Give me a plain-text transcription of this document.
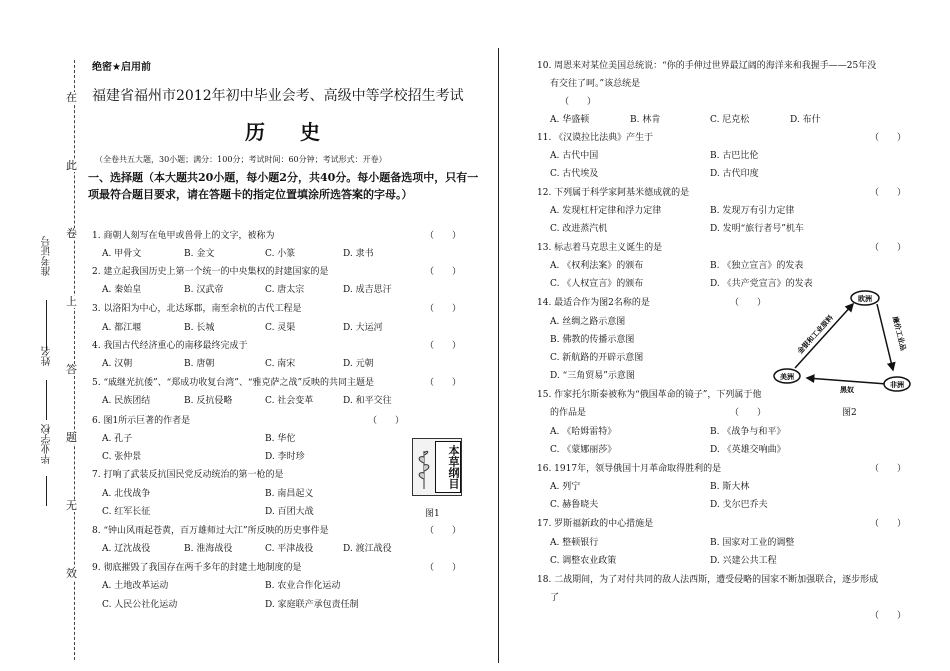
在
此
卷
上
答
题
无
效
准考证号
姓名
毕业学校
绝密★启用前
福建省福州市2012年初中毕业会考、高级中等学校招生考试
历 史
（全卷共五大题，30小题；满分：100分；考试时间：60分钟；考试形式：开卷）
一、选择题（本大题共20小题，每小题2分，共40分。每小题备选项中，只有一项最符合题目要求，请在答题卡的指定位置填涂所选答案的字母。）
1. 商朝人刻写在龟甲或兽骨上的文字，被称为	（　　）
A. 甲骨文	B. 金文	C. 小篆	D. 隶书
2. 建立起我国历史上第一个统一的中央集权的封建国家的是	（　　）
A. 秦始皇	B. 汉武帝	C. 唐太宗	D. 成吉思汗
3. 以洛阳为中心，北达琢郡，南至余杭的古代工程是	（　　）
A. 都江堰	B. 长城	C. 灵渠	D. 大运河
4. 我国古代经济重心的南移最终完成于	（　　）
A. 汉朝	B. 唐朝	C. 南宋	D. 元朝
5. “戚继光抗倭”、“郑成功收复台湾”、“雅克萨之战”反映的共同主题是	（　　）
A. 民族团结	B. 反抗侵略	C. 社会变革	D. 和平交往
6. 图1所示巨著的作者是	（　　）
A. 孔子	B. 华佗
C. 张仲景	D. 李时珍
7. 打响了武装反抗国民党反动统治的第一枪的是
A. 北伐战争	B. 南昌起义
C. 红军长征	D. 百团大战
8. “钟山风雨起苍黄，百万雄师过大江”所反映的历史事件是	（　　）
A. 辽沈战役	B. 淮海战役	C. 平津战役	D. 渡江战役
9. 彻底摧毁了我国存在两千多年的封建土地制度的是	（　　）
A. 土地改革运动	B. 农业合作化运动
C. 人民公社化运动	D. 家庭联产承包责任制
本草纲目
图1
10. 周恩来对某位美国总统说：“你的手伸过世界最辽阔的海洋来和我握手——25年没
有交往了呵。”该总统是
（　　）
A. 华盛顿	B. 林肯	C. 尼克松	D. 布什
11. 《汉谟拉比法典》产生于	（　　）
A. 古代中国	B. 古巴比伦
C. 古代埃及	D. 古代印度
12. 下列属于科学家阿基米德成就的是	（　　）
A. 发现杠杆定律和浮力定律	B. 发现万有引力定律
C. 改进蒸汽机	D. 发明“旅行者号”机车
13. 标志着马克思主义诞生的是	（　　）
A. 《权利法案》的颁布	B. 《独立宣言》的发表
C. 《人权宣言》的颁布	D. 《共产党宣言》的发表
14. 最适合作为图2名称的是	（　　）
A. 丝绸之路示意图
B. 佛教的传播示意图
C. 新航路的开辟示意图
D. “三角贸易”示意图
15. 作家托尔斯泰被称为“俄国革命的镜子”，下列属于他
的作品是	（　　）
A. 《哈姆雷特》	B. 《战争与和平》
C. 《蒙娜丽莎》	D. 《英雄交响曲》
16. 1917年，领导俄国十月革命取得胜利的是	（　　）
A. 列宁	B. 斯大林
C. 赫鲁晓夫	D. 戈尔巴乔夫
17. 罗斯福新政的中心措施是	（　　）
A. 整顿银行	B. 国家对工业的调整
C. 调整农业政策	D. 兴建公共工程
18. 二战期间，为了对付共同的敌人法西斯，遭受侵略的国家不断加强联合，逐步形成
了
（　　）
欧洲
美洲
非洲
金银和工业原料	廉价工业品
黑奴
图2
